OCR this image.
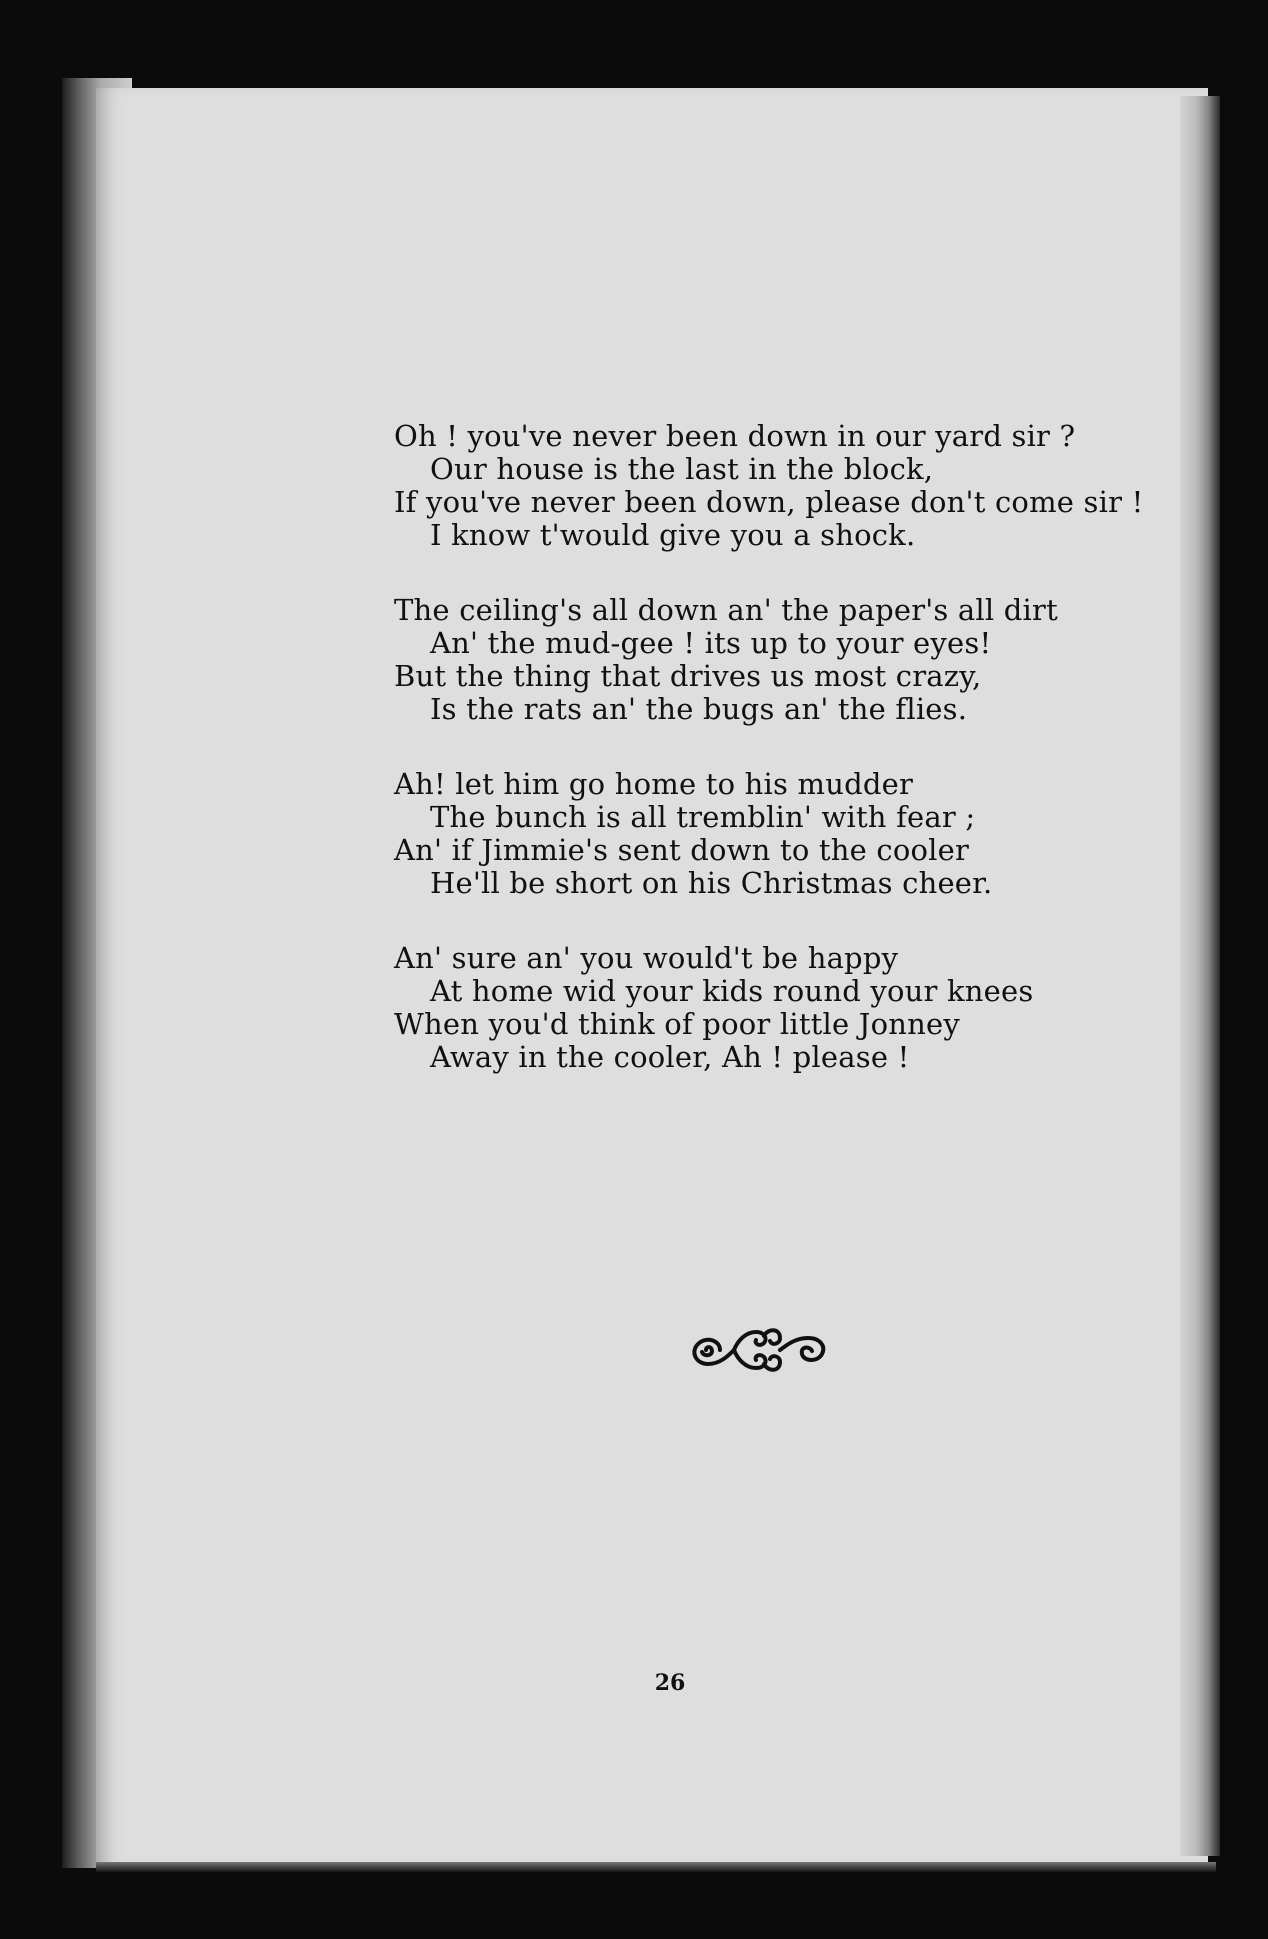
Oh ! you've never been down in our yard sir ?
Our house is the last in the block,
If you've never been down, please don't come sir !
I know t'would give you a shock.
The ceiling's all down an' the paper's all dirt
An' the mud-gee ! its up to your eyes!
But the thing that drives us most crazy,
Is the rats an' the bugs an' the flies.
Ah! let him go home to his mudder
The bunch is all tremblin' with fear ;
An' if Jimmie's sent down to the cooler
He'll be short on his Christmas cheer.
An' sure an' you would't be happy
At home wid your kids round your knees
When you'd think of poor little Jonney
Away in the cooler, Ah ! please !
26
